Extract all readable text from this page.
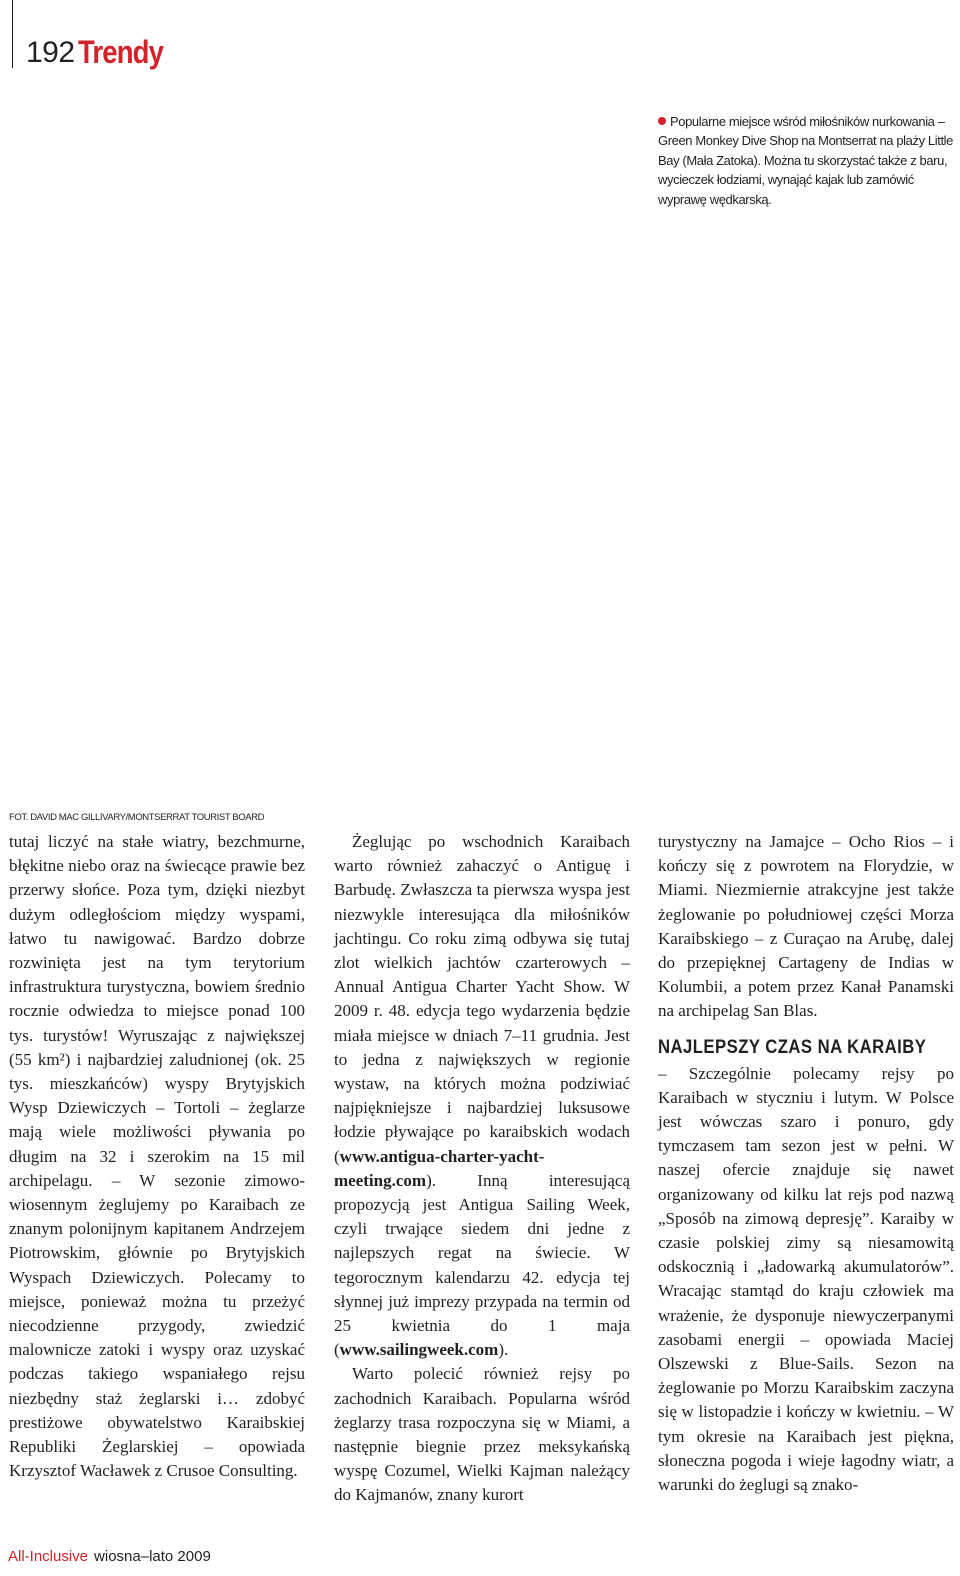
192 Trendy
Popularne miejsce wśród miłośników nurkowania – Green Monkey Dive Shop na Montserrat na plaży Little Bay (Mała Zatoka). Można tu skorzystać także z baru, wycieczek łodziami, wynająć kajak lub zamówić wyprawę wędkarską.
FOT. DAVID MAC GILLIVARY/MONTSERRAT TOURIST BOARD

tutaj liczyć na stałe wiatry, bezchmurne, błękitne niebo oraz na świecące prawie bez przerwy słońce. Poza tym, dzięki niezbyt dużym odległościom między wyspami, łatwo tu nawigować. Bardzo dobrze rozwinięta jest na tym terytorium infrastruktura turystyczna, bowiem średnio rocznie odwiedza to miejsce ponad 100 tys. turystów! Wyruszając z największej (55 km²) i najbardziej zaludnionej (ok. 25 tys. mieszkańców) wyspy Brytyjskich Wysp Dziewiczych – Tortoli – żeglarze mają wiele możliwości pływania po długim na 32 i szerokim na 15 mil archipelagu. – W sezonie zimowo-wiosennym żeglujemy po Karaibach ze znanym polonijnym kapitanem Andrzejem Piotrowskim, głównie po Brytyjskich Wyspach Dziewiczych. Polecamy to miejsce, ponieważ można tu przeżyć niecodzienne przygody, zwiedzić malownicze zatoki i wyspy oraz uzyskać podczas takiego wspaniałego rejsu niezbędny staż żeglarski i… zdobyć prestiżowe obywatelstwo Karaibskiej Republiki Żeglarskiej – opowiada Krzysztof Wacławek z Crusoe Consulting.

Żeglując po wschodnich Karaibach warto również zahaczyć o Antiguę i Barbudę. Zwłaszcza ta pierwsza wyspa jest niezwykle interesująca dla miłośników jachtingu. Co roku zimą odbywa się tutaj zlot wielkich jachtów czarterowych – Annual Antigua Charter Yacht Show. W 2009 r. 48. edycja tego wydarzenia będzie miała miejsce w dniach 7–11 grudnia. Jest to jedna z największych w regionie wystaw, na których można podziwiać najpiękniejsze i najbardziej luksusowe łodzie pływające po karaibskich wodach (www.antigua-charter-yacht-meeting.com). Inną interesującą propozycją jest Antigua Sailing Week, czyli trwające siedem dni jedne z najlepszych regat na świecie. W tegorocznym kalendarzu 42. edycja tej słynnej już imprezy przypada na termin od 25 kwietnia do 1 maja (www.sailingweek.com).

Warto polecić również rejsy po zachodnich Karaibach. Popularna wśród żeglarzy trasa rozpoczyna się w Miami, a następnie biegnie przez meksykańską wyspę Cozumel, Wielki Kajman należący do Kajmanów, znany kurort

turystyczny na Jamajce – Ocho Rios – i kończy się z powrotem na Florydzie, w Miami. Niezmiernie atrakcyjne jest także żeglowanie po południowej części Morza Karaibskiego – z Curaçao na Arubę, dalej do przepięknej Cartageny de Indias w Kolumbii, a potem przez Kanał Panamski na archipelag San Blas.

NAJLEPSZY CZAS NA KARAIBY

– Szczególnie polecamy rejsy po Karaibach w styczniu i lutym. W Polsce jest wówczas szaro i ponuro, gdy tymczasem tam sezon jest w pełni. W naszej ofercie znajduje się nawet organizowany od kilku lat rejs pod nazwą „Sposób na zimową depresję”. Karaiby w czasie polskiej zimy są niesamowitą odskocznią i „ładowarką akumulatorów”. Wracając stamtąd do kraju człowiek ma wrażenie, że dysponuje niewyczerpanymi zasobami energii – opowiada Maciej Olszewski z Blue-Sails. Sezon na żeglowanie po Morzu Karaibskim zaczyna się w listopadzie i kończy w kwietniu. – W tym okresie na Karaibach jest piękna, słoneczna pogoda i wieje łagodny wiatr, a warunki do żeglugi są znako-

All-Inclusive wiosna–lato 2009
